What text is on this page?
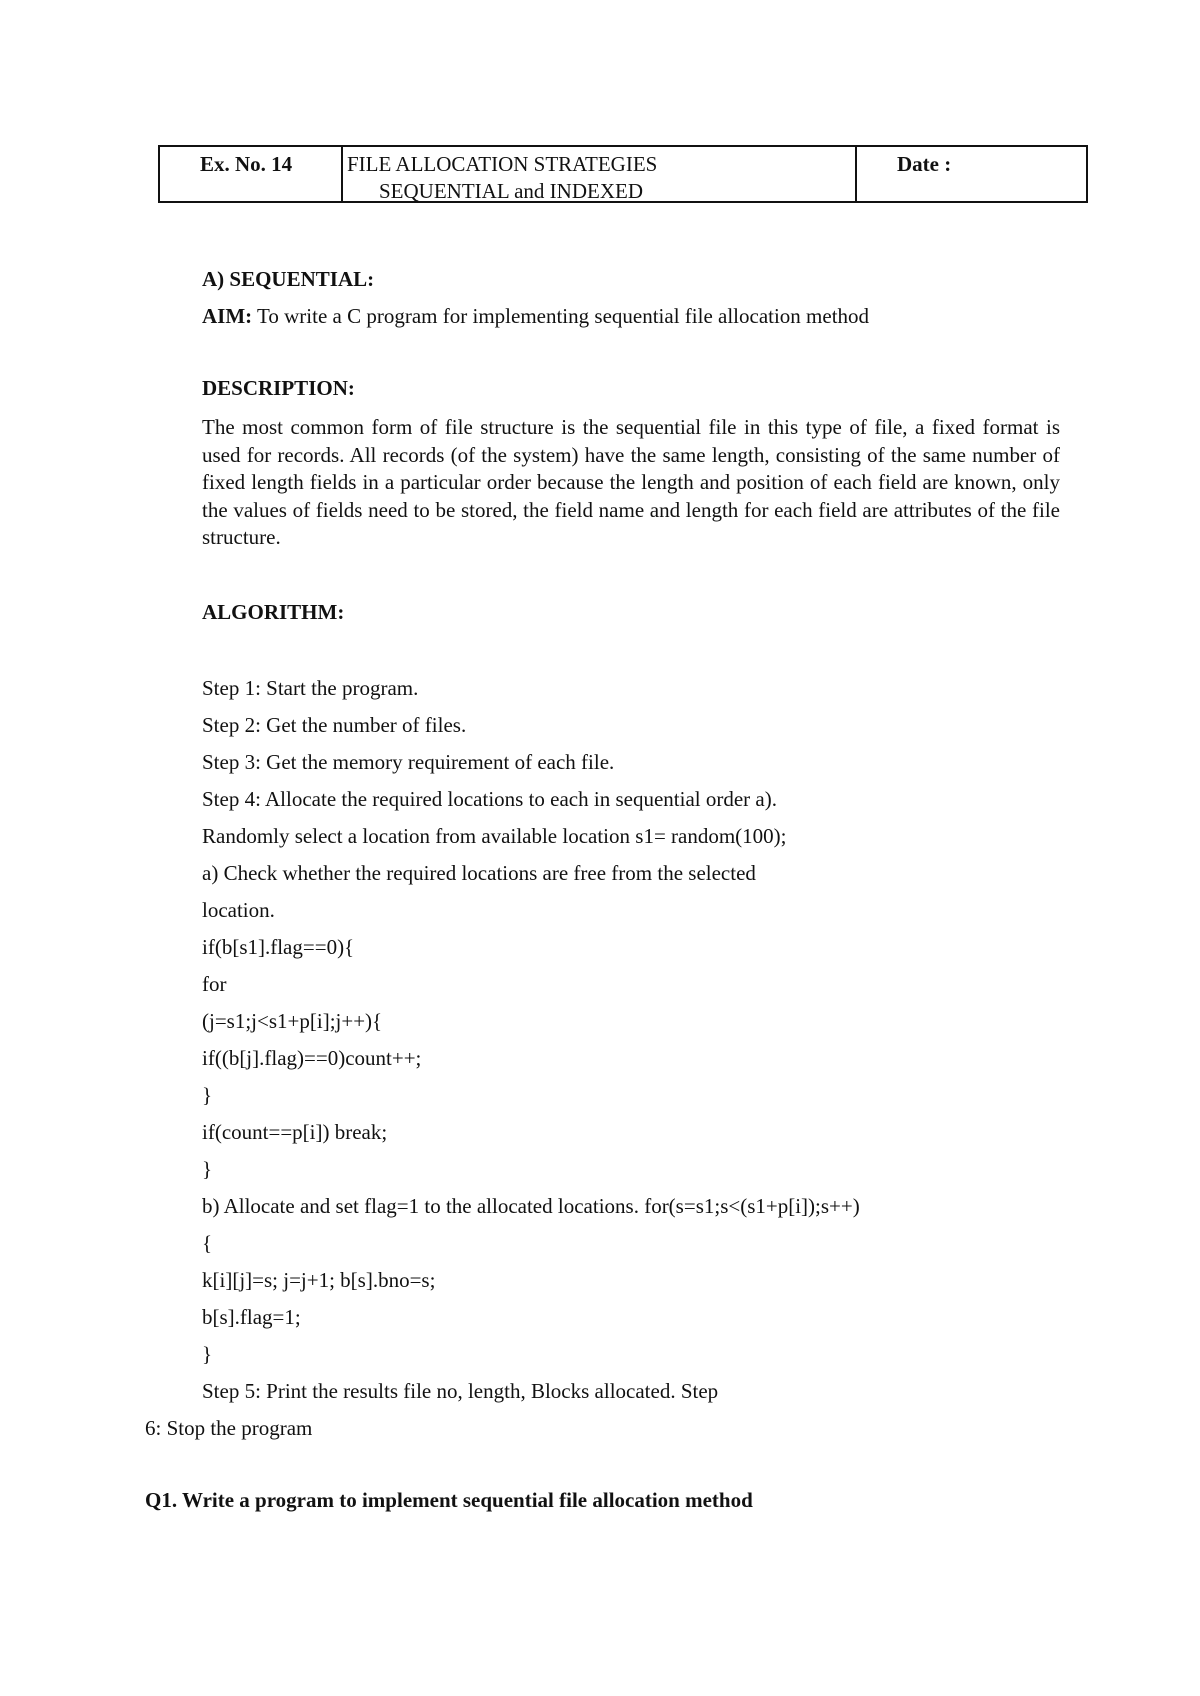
Ex. No. 14	FILE ALLOCATION STRATEGIES
SEQUENTIAL and INDEXED
Date :
A) SEQUENTIAL:
AIM: To write a C program for implementing sequential file allocation method
DESCRIPTION:
The most common form of file structure is the sequential file in this type of file, a fixed format is used for records. All records (of the system) have the same length, consisting of the same number of fixed length fields in a particular order because the length and position of each field are known, only the values of fields need to be stored, the field name and length for each field are attributes of the file structure.
ALGORITHM:
Step 1: Start the program.
Step 2: Get the number of files.
Step 3: Get the memory requirement of each file.
Step 4: Allocate the required locations to each in sequential order a).
Randomly select a location from available location s1= random(100);
a) Check whether the required locations are free from the selected
location.
if(b[s1].flag==0){
for
(j=s1;j<s1+p[i];j++){
if((b[j].flag)==0)count++;
}
if(count==p[i]) break;
}
b) Allocate and set flag=1 to the allocated locations. for(s=s1;s<(s1+p[i]);s++)
{
k[i][j]=s; j=j+1; b[s].bno=s;
b[s].flag=1;
}
Step 5: Print the results file no, length, Blocks allocated. Step
6: Stop the program
Q1. Write a program to implement sequential file allocation method
